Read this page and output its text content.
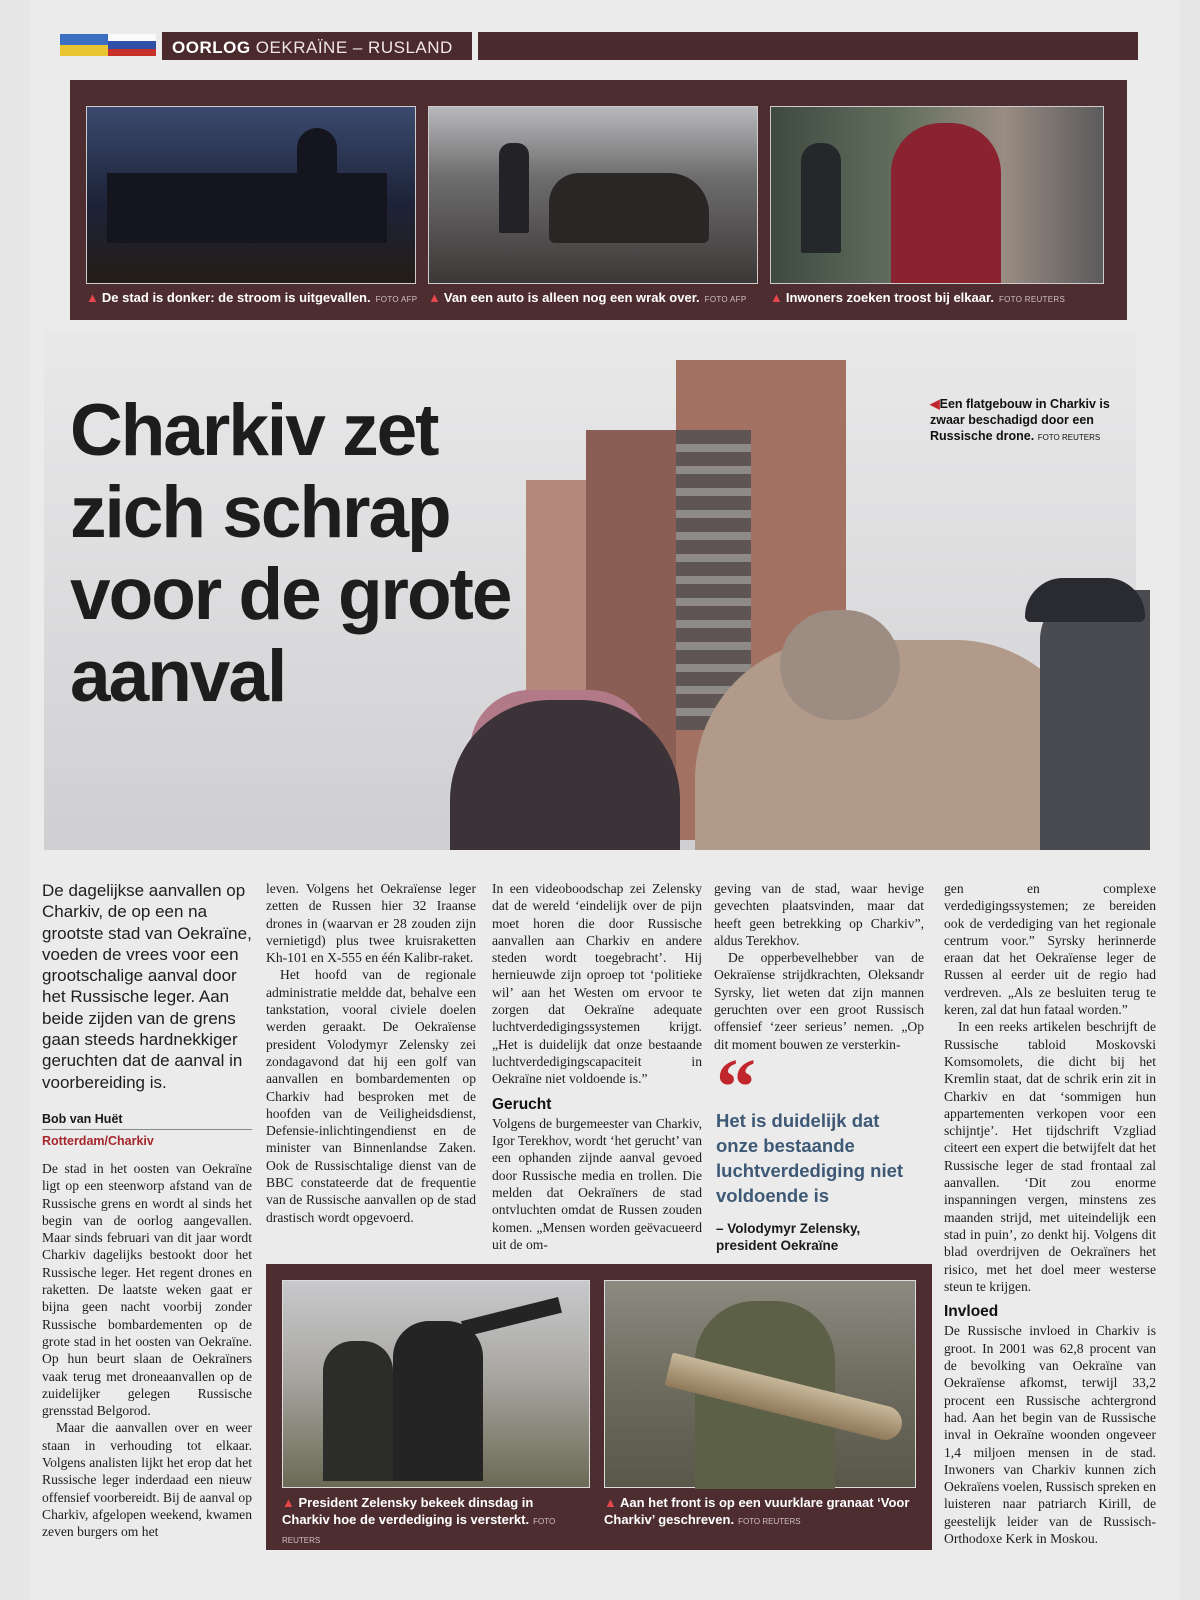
OORLOG OEKRAÏNE – RUSLAND
▲ De stad is donker: de stroom is uitgevallen. FOTO AFP ▲ Van een auto is alleen nog een wrak over. FOTO AFP ▲ Inwoners zoeken troost bij elkaar. FOTO REUTERS
Charkiv zet zich schrap voor de grote aanval
◀Een flatgebouw in Charkiv is zwaar beschadigd door een Russische drone. FOTO REUTERS
De dagelijkse aanvallen op Charkiv, de op een na grootste stad van Oekraïne, voeden de vrees voor een grootschalige aanval door het Russische leger. Aan beide zijden van de grens gaan steeds hardnekkiger geruchten dat de aanval in voorbereiding is.
Bob van Huët
Rotterdam/Charkiv

De stad in het oosten van Oekraïne ligt op een steenworp afstand van de Russische grens en wordt al sinds het begin van de oorlog aangevallen. Maar sinds februari van dit jaar wordt Charkiv dagelijks bestookt door het Russische leger. Het regent drones en raketten. De laatste weken gaat er bijna geen nacht voorbij zonder Russische bombardementen op de grote stad in het oosten van Oekraïne. Op hun beurt slaan de Oekraïners vaak terug met droneaanvallen op de zuidelijker gelegen Russische grensstad Belgorod.

Maar die aanvallen over en weer staan in verhouding tot elkaar. Volgens analisten lijkt het erop dat het Russische leger inderdaad een nieuw offensief voorbereidt. Bij de aanval op Charkiv, afgelopen weekend, kwamen zeven burgers om het

leven. Volgens het Oekraïense leger zetten de Russen hier 32 Iraanse drones in (waarvan er 28 zouden zijn vernietigd) plus twee kruisraketten Kh-101 en X-555 en één Kalibr-raket.

Het hoofd van de regionale administratie meldde dat, behalve een tankstation, vooral civiele doelen werden geraakt. De Oekraïense president Volodymyr Zelensky zei zondagavond dat hij een golf van aanvallen en bombardementen op Charkiv had besproken met de hoofden van de Veiligheidsdienst, Defensie-inlichtingendienst en de minister van Binnenlandse Zaken. Ook de Russischtalige dienst van de BBC constateerde dat de frequentie van de Russische aanvallen op de stad drastisch wordt opgevoerd.

In een videoboodschap zei Zelensky dat de wereld ‘eindelijk over de pijn moet horen die door Russische aanvallen aan Charkiv en andere steden wordt toegebracht’. Hij hernieuwde zijn oproep tot ‘politieke wil’ aan het Westen om ervoor te zorgen dat Oekraïne adequate luchtverdedigingssystemen krijgt. „Het is duidelijk dat onze bestaande luchtverdedigingscapaciteit in Oekraïne niet voldoende is.”

Gerucht

Volgens de burgemeester van Charkiv, Igor Terekhov, wordt ‘het gerucht’ van een ophanden zijnde aanval gevoed door Russische media en trollen. Die melden dat Oekraïners de stad ontvluchten omdat de Russen zouden komen. „Mensen worden geëvacueerd uit de om-

geving van de stad, waar hevige gevechten plaatsvinden, maar dat heeft geen betrekking op Charkiv”, aldus Terekhov.

De opperbevelhebber van de Oekraïense strijdkrachten, Oleksandr Syrsky, liet weten dat zijn mannen geruchten over een groot Russisch offensief ‘zeer serieus’ nemen. „Op dit moment bouwen ze versterkin-

“
Het is duidelijk dat onze bestaande luchtverdediging niet voldoende is
– Volodymyr Zelensky, president Oekraïne

gen en complexe verdedigingssystemen; ze bereiden ook de verdediging van het regionale centrum voor.” Syrsky herinnerde eraan dat het Oekraïense leger de Russen al eerder uit de regio had verdreven. „Als ze besluiten terug te keren, zal dat hun fataal worden.”

In een reeks artikelen beschrijft de Russische tabloid Moskovski Komsomolets, die dicht bij het Kremlin staat, dat de schrik erin zit in Charkiv en dat ‘sommigen hun appartementen verkopen voor een schijntje’. Het tijdschrift Vzgliad citeert een expert die betwijfelt dat het Russische leger de stad frontaal zal aanvallen. ‘Dit zou enorme inspanningen vergen, minstens zes maanden strijd, met uiteindelijk een stad in puin’, zo denkt hij. Volgens dit blad overdrijven de Oekraïners het risico, met het doel meer westerse steun te krijgen.

Invloed

De Russische invloed in Charkiv is groot. In 2001 was 62,8 procent van de bevolking van Oekraïne van Oekraïense afkomst, terwijl 33,2 procent een Russische achtergrond had. Aan het begin van de Russische inval in Oekraïne woonden ongeveer 1,4 miljoen mensen in de stad. Inwoners van Charkiv kunnen zich Oekraïens voelen, Russisch spreken en luisteren naar patriarch Kirill, de geestelijk leider van de Russisch-Orthodoxe Kerk in Moskou.

▲ President Zelensky bekeek dinsdag in Charkiv hoe de verdediging is versterkt. FOTO REUTERS
▲ Aan het front is op een vuurklare granaat ‘Voor Charkiv’ geschreven. FOTO REUTERS
